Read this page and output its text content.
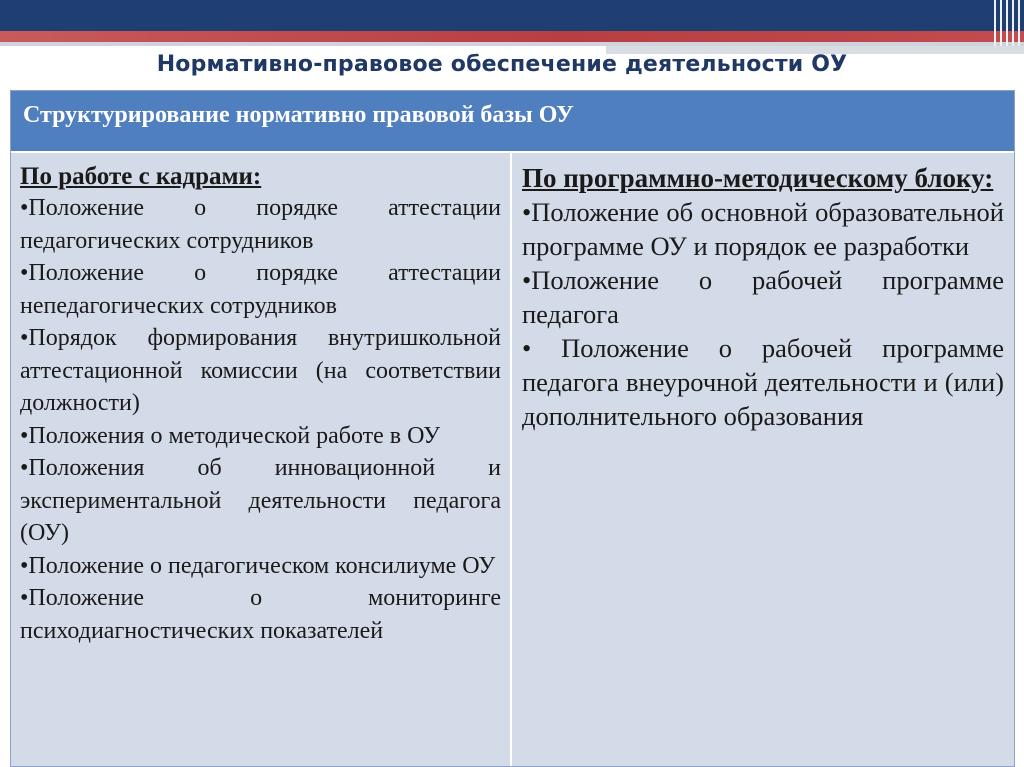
Нормативно-правовое обеспечение деятельности ОУ
Структурирование нормативно правовой базы ОУ

По работе с кадрами:

•Положение о порядке аттестации педагогических сотрудников

•Положение о порядке аттестации непедагогических сотрудников

•Порядок формирования внутришкольной аттестационной комиссии (на соответствии должности)

•Положения о методической работе в ОУ

•Положения об инновационной и экспериментальной деятельности педагога (ОУ)

•Положение о педагогическом консилиуме ОУ

•Положение о мониторинге психодиагностических показателей

По программно-методическому блоку:

•Положение об основной образовательной программе ОУ и порядок ее разработки

•Положение о рабочей программе педагога

• Положение о рабочей программе педагога внеурочной деятельности и (или) дополнительного образования
